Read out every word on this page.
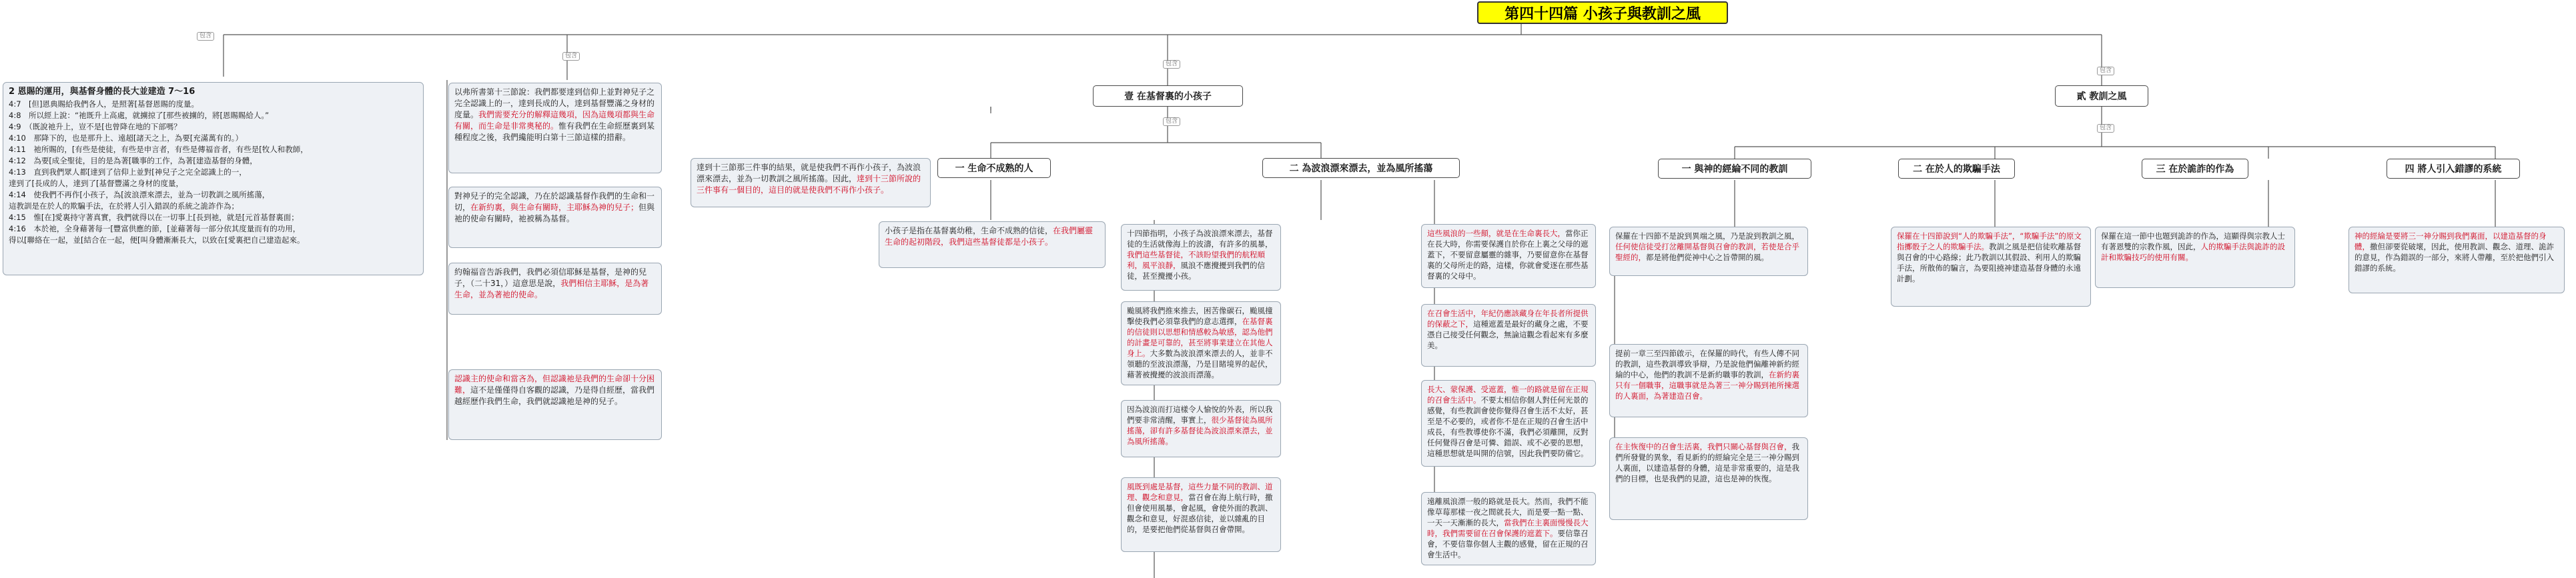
包含
包含
包含
包含
包含
包含
第四十四篇 小孩子與教訓之風
2 恩賜的運用，與基督身體的長大並建造 7～16
4:7　[但]恩典賜給我們各人，是照著[基督恩賜的度量。
4:8　所以經上說：“祂既升上高處，就擄掠了[那些被擄的，將[恩賜賜給人。”
4:9　（既說祂升上，豈不是[也曾降在地的下部嗎？
4:10　那降下的，也是那升上、遠超[諸天之上，為要[充滿萬有的。）
4:11　祂所賜的，[有些是使徒，有些是申言者，有些是傳福音者，有些是[牧人和教師，
4:12　為要[成全聖徒，目的是為著[職事的工作，為著[建造基督的身體，
4:13　直到我們眾人都[達到了信仰上並對[神兒子之完全認識上的一，
達到了[長成的人，達到了[基督豐滿之身材的度量，
4:14　使我們不再作[小孩子，為[波浪漂來漂去，並為一切教訓之風所搖蕩，
這教訓是在於人的欺騙手法，在於將人引入錯誤的系統之詭詐作為；
4:15　惟[在]愛裏持守著真實，我們就得以在一切事上[長到祂，就是[元首基督裏面；
4:16　本於祂，全身藉著每一[豐富供應的節，[並藉著每一部分依其度量而有的功用，
得以[聯絡在一起，並[結合在一起，便[叫身體漸漸長大，以致在[愛裏把自己建造起來。
以弗所書第十三節說：我們都要達到信仰上並對神兒子之完全認識上的一，達到長成的人，達到基督豐滿之身材的度量。我們需要充分的解釋這幾項，因為這幾項都與生命有關，而生命是非常奧秘的。惟有我們在生命經歷裏到某種程度之後，我們纔能明白第十三節這樣的措辭。
對神兒子的完全認識，乃在於認識基督作我們的生命和一切，在新約裏，與生命有關時，主耶穌為神的兒子；但與祂的使命有關時，祂被稱為基督。
約翰福音告訴我們，我們必須信耶穌是基督，是神的兒子，（二十31，）這意思是說，我們相信主耶穌，是為著生命，並為著祂的使命。
認識主的使命和當吝為，但認識祂是我們的生命卻十分困難，這不是僅僅得自客觀的認識，乃是得自經歷，當我們越經歷作我們生命，我們就認識祂是神的兒子。
壹 在基督裏的小孩子
達到十三節那三件事的結果，就是使我們不再作小孩子，為波浪漂來漂去，並為一切教訓之風所搖蕩。因此，達到十三節所說的三件事有一個目的，這目的就是使我們不再作小孩子。
一 生命不成熟的人
小孩子是指在基督裏幼稚，生命不成熟的信徒，在我們屬靈生命的起初階段，我們這些基督徒都是小孩子。
二 為波浪漂來漂去，並為風所搖蕩
十四節指明，小孩子為波浪漂來漂去，基督徒的生活就像海上的波濤，有許多的風暴，我們這些基督徒，不該盼望我們的航程順利，風平浪靜，風浪不應攪擾到我們的信徒，甚至攪擾小孩。
颱風將我們推來推去，困苦像碳石，颱風撞擊使我們必須靠我們的意志選擇，在基督裏的信徒則以思想和情感較為敏感，認為他們的計畫是可靠的，甚至將事業建立在其他人身上。大多數為波浪漂來漂去的人，並非不領聽的至波浪漂蕩，乃是目睹境界的起伏，藉著被攪擾的波浪而漂蕩。
因為波浪而打這樣令人愉悅的外表，所以我們要非常清醒，事實上，很少基督徒為風所搖蕩，卻有許多基督徒為波浪漂來漂去，並為風所搖蕩。
風既到處是基督，這些力量不同的教訓、道理、觀念和意見，當召會在海上航行時，撒但會使用風暴，會起風，會使外面的教訓、觀念和意見，好混惑信徒，並以雜亂的目的，是要把他們從基督與召會帶開。
這些風浪的一些顛，就是在生命裏長大，當你正在長大時，你需要保護自於你在上裏之父母的遮蓋下，不要留意屬靈的雜事，乃要留意你在基督裏的父母所走的路，這樣，你就會愛逐在那些基督裏的父母中。
在召會生活中，年紀仍應該藏身在年長者所提供的保蔽之下，這種遮蓋是最好的藏身之處，不要憑自己接受任何觀念，無論這觀念看起來有多麼美。
長大、蒙保護、受遮蓋，惟一的路就是留在正規的召會生活中。不要太相信你個人對任何光景的感覺，有些教訓會使你覺得召會生活不太好，甚至是不必要的，或者你不是在正規的召會生活中成長，有些教導使你不滿，我們必須離開，反對任何覺得召會是可憐、錯誤、或不必要的思想，這種思想就是叫開的信號，因此我們要防備它。
遠離風浪漂一般的路就是長大。然而，我們不能像草莓那樣一夜之間就長大，而是要一點一點、一天一天漸漸的長大，當我們在主裏面慢慢長大時，我們需要留在召會保護的遮蓋下。要信靠召會，不要信靠你個人主觀的感覺，留在正規的召會生活中。
貳 教訓之風
一 與神的經綸不同的教訓
保羅在十四節不是說到異端之風，乃是說到教訓之風，任何使信徒受打岔離開基督與召會的教訓，若使是合乎聖經的，都是將他們從神中心之旨帶開的風。
提前一章三至四節啟示，在保羅的時代，有些人傳不同的教訓，這些教訓導致爭辯，乃是說他們偏離神新約經綸的中心，他們的教訓不是新約職事的教訓，在新約裏只有一個職事，這職事就是為著三一神分賜到祂所揀選的人裏面，為著建造召會。
在主恢復中的召會生活裏，我們只關心基督與召會，我們所發覺的異象，看見新約的經綸完全是三一神分賜到人裏面，以建造基督的身體，這是非常重要的，這是我們的目標，也是我們的見證，這也是神的恢復。
二 在於人的欺騙手法
保羅在十四節說到“人的欺騙手法”，“欺騙手法”的原文指擲骰子之人的欺騙手法。教訓之風是把信徒吹離基督與召會的中心路線；此乃教訓以其假設、利用人的欺騙手法，所散佈的騙言，為要阻撓神建造基督身體的永遠計劃。
三 在於詭詐的作為
保羅在這一節中也題到詭詐的作為，這顯得與宗教人士有著恩雙的宗教作風，因此，人的欺騙手法與詭詐的設計和欺騙技巧的使用有關。
四 將人引入錯謬的系統
神的經綸是要將三一神分賜到我們裏面，以建造基督的身體，撒但卻要從破壞，因此，使用教訓、觀念、道理、詭詐的意見，作為錯誤的一部分，來將人帶離，至於把他們引入錯謬的系統。
